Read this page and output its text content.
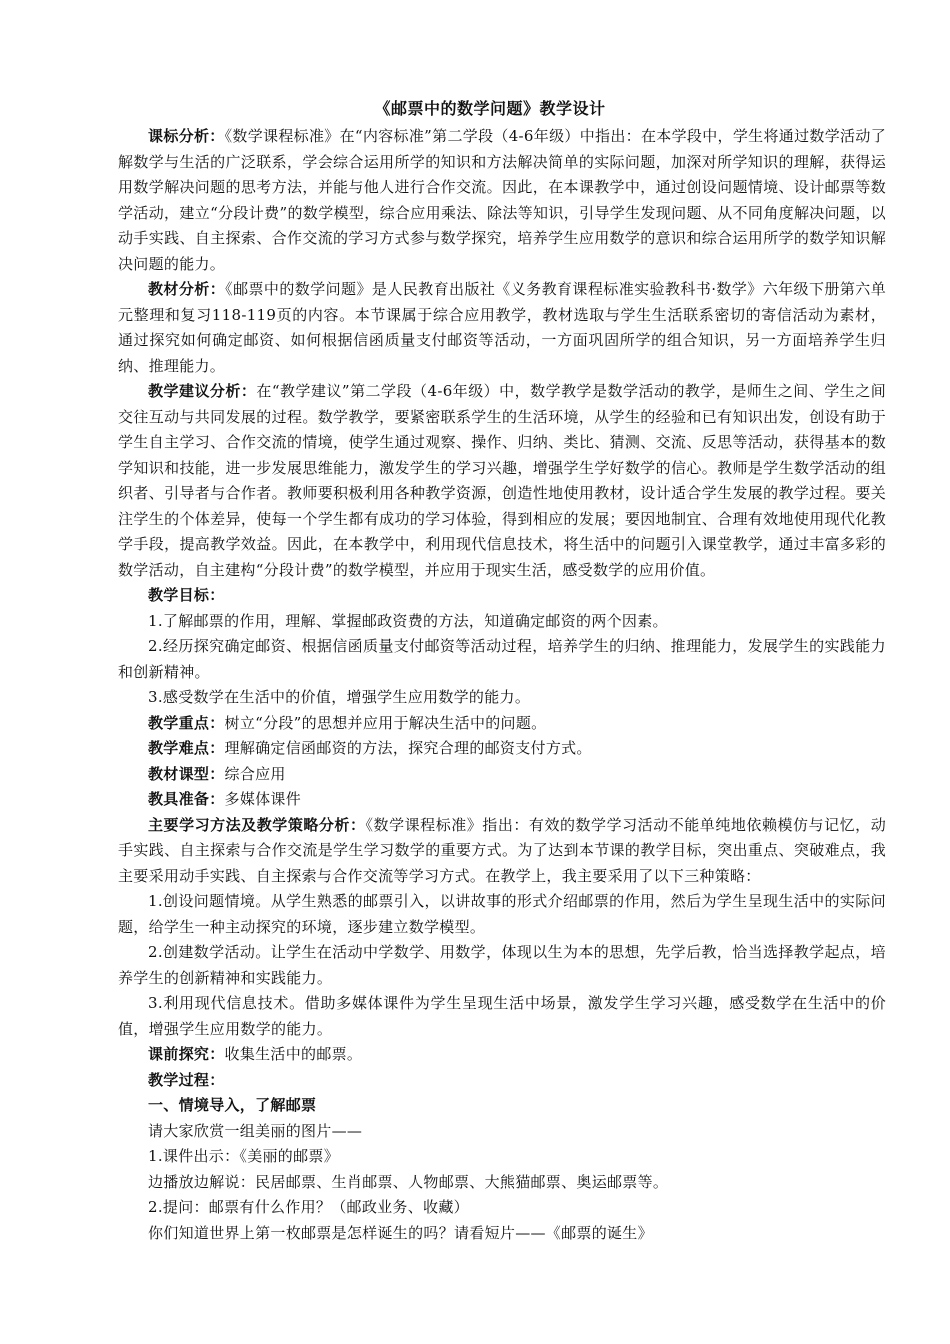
《邮票中的数学问题》教学设计

课标分析：《数学课程标准》在“内容标准”第二学段（4-6年级）中指出：在本学段中，学生将通过数学活动了解数学与生活的广泛联系，学会综合运用所学的知识和方法解决简单的实际问题，加深对所学知识的理解，获得运用数学解决问题的思考方法，并能与他人进行合作交流。因此，在本课教学中，通过创设问题情境、设计邮票等数学活动，建立“分段计费”的数学模型，综合应用乘法、除法等知识，引导学生发现问题、从不同角度解决问题，以动手实践、自主探索、合作交流的学习方式参与数学探究，培养学生应用数学的意识和综合运用所学的数学知识解决问题的能力。

教材分析：《邮票中的数学问题》是人民教育出版社《义务教育课程标准实验教科书·数学》六年级下册第六单元整理和复习118-119页的内容。本节课属于综合应用教学，教材选取与学生生活联系密切的寄信活动为素材，通过探究如何确定邮资、如何根据信函质量支付邮资等活动，一方面巩固所学的组合知识，另一方面培养学生归纳、推理能力。

教学建议分析：在“教学建议”第二学段（4-6年级）中，数学教学是数学活动的教学，是师生之间、学生之间交往互动与共同发展的过程。数学教学，要紧密联系学生的生活环境，从学生的经验和已有知识出发，创设有助于学生自主学习、合作交流的情境，使学生通过观察、操作、归纳、类比、猜测、交流、反思等活动，获得基本的数学知识和技能，进一步发展思维能力，激发学生的学习兴趣，增强学生学好数学的信心。教师是学生数学活动的组织者、引导者与合作者。教师要积极利用各种教学资源，创造性地使用教材，设计适合学生发展的教学过程。要关注学生的个体差异，使每一个学生都有成功的学习体验，得到相应的发展；要因地制宜、合理有效地使用现代化教学手段，提高教学效益。因此，在本教学中，利用现代信息技术，将生活中的问题引入课堂教学，通过丰富多彩的数学活动，自主建构“分段计费”的数学模型，并应用于现实生活，感受数学的应用价值。

教学目标：

1.了解邮票的作用，理解、掌握邮政资费的方法，知道确定邮资的两个因素。

2.经历探究确定邮资、根据信函质量支付邮资等活动过程，培养学生的归纳、推理能力，发展学生的实践能力和创新精神。

3.感受数学在生活中的价值，增强学生应用数学的能力。

教学重点：树立“分段”的思想并应用于解决生活中的问题。

教学难点：理解确定信函邮资的方法，探究合理的邮资支付方式。

教材课型：综合应用

教具准备：多媒体课件

主要学习方法及教学策略分析：《数学课程标准》指出：有效的数学学习活动不能单纯地依赖模仿与记忆，动手实践、自主探索与合作交流是学生学习数学的重要方式。为了达到本节课的教学目标，突出重点、突破难点，我主要采用动手实践、自主探索与合作交流等学习方式。在教学上，我主要采用了以下三种策略：

1.创设问题情境。从学生熟悉的邮票引入，以讲故事的形式介绍邮票的作用，然后为学生呈现生活中的实际问题，给学生一种主动探究的环境，逐步建立数学模型。

2.创建数学活动。让学生在活动中学数学、用数学，体现以生为本的思想，先学后教，恰当选择教学起点，培养学生的创新精神和实践能力。

3.利用现代信息技术。借助多媒体课件为学生呈现生活中场景，激发学生学习兴趣，感受数学在生活中的价值，增强学生应用数学的能力。

课前探究：收集生活中的邮票。

教学过程：

一、情境导入，了解邮票

请大家欣赏一组美丽的图片——

1.课件出示：《美丽的邮票》

边播放边解说：民居邮票、生肖邮票、人物邮票、大熊猫邮票、奥运邮票等。

2.提问：邮票有什么作用？（邮政业务、收藏）

你们知道世界上第一枚邮票是怎样诞生的吗？请看短片——《邮票的诞生》
